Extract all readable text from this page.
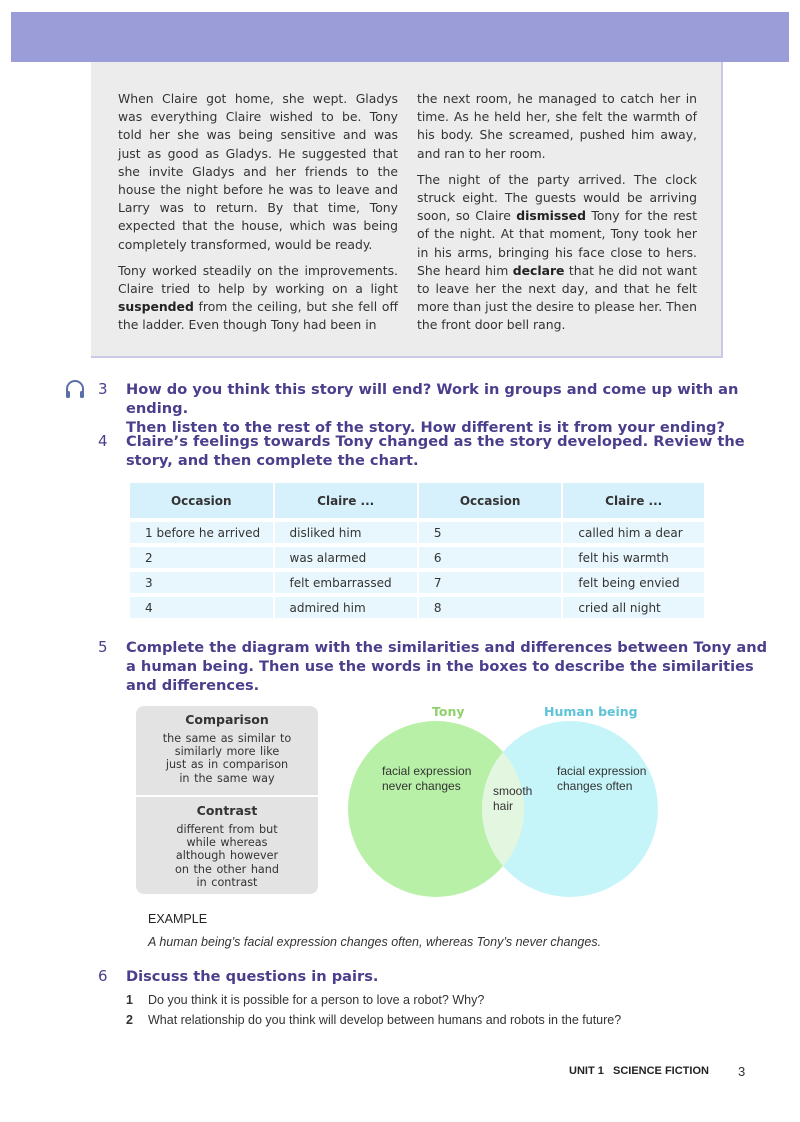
When Claire got home, she wept. Gladys was everything Claire wished to be. Tony told her she was being sensitive and was just as good as Gladys. He suggested that she invite Gladys and her friends to the house the night before he was to leave and Larry was to return. By that time, Tony expected that the house, which was being completely transformed, would be ready.

Tony worked steadily on the improvements. Claire tried to help by working on a light suspended from the ceiling, but she fell off the ladder. Even though Tony had been in

the next room, he managed to catch her in time. As he held her, she felt the warmth of his body. She screamed, pushed him away, and ran to her room.

The night of the party arrived. The clock struck eight. The guests would be arriving soon, so Claire dismissed Tony for the rest of the night. At that moment, Tony took her in his arms, bringing his face close to hers. She heard him declare that he did not want to leave her the next day, and that he felt more than just the desire to please her. Then the front door bell rang.

3 How do you think this story will end? Work in groups and come up with an ending.
Then listen to the rest of the story. How different is it from your ending?
4 Claire’s feelings towards Tony changed as the story developed. Review the
story, and then complete the chart.
Occasion	Claire ...	Occasion	Claire ...
1 before he arrived	disliked him	5	called him a dear
2	was alarmed	6	felt his warmth
3	felt embarrassed	7	felt being envied
4	admired him	8	cried all night
5 Complete the diagram with the similarities and differences between Tony and
a human being. Then use the words in the boxes to describe the similarities
and differences.
Comparison
the same as similar to
similarly more like
just as in comparison
in the same way
Contrast
different from but
while whereas
although however
on the other hand
in contrast
Tony	Human being
facial expression
never changes	smooth
hair
facial expression
changes often
EXAMPLE
A human being’s facial expression changes often, whereas Tony’s never changes.
6 Discuss the questions in pairs.
1 Do you think it is possible for a person to love a robot? Why?
2 What relationship do you think will develop between humans and robots in the future?
UNIT 1 SCIENCE FICTION 3
